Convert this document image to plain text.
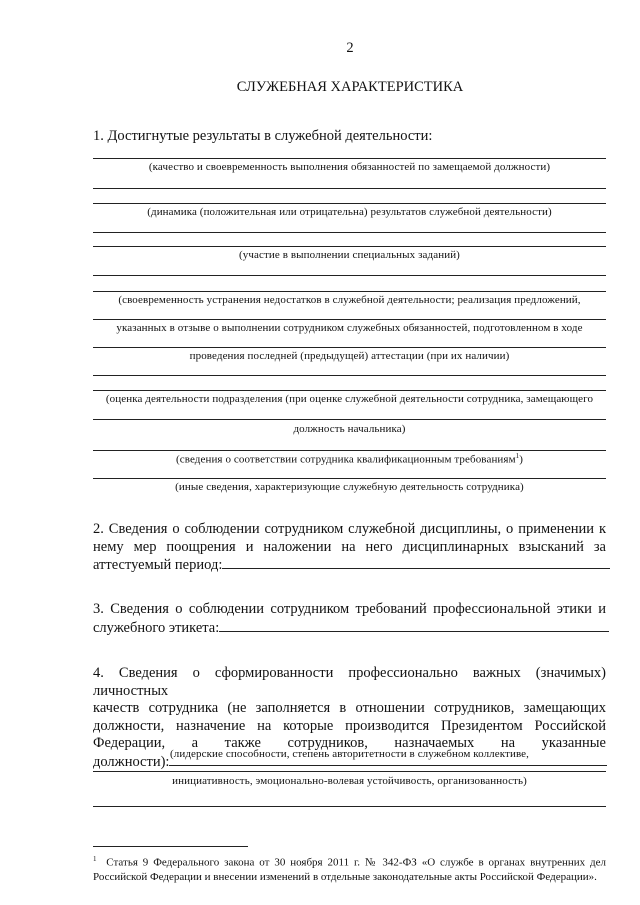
2
СЛУЖЕБНАЯ ХАРАКТЕРИСТИКА
1. Достигнутые результаты в служебной деятельности:
(качество и своевременность выполнения обязанностей по замещаемой должности)
(динамика (положительная или отрицательна) результатов служебной деятельности)
(участие в выполнении специальных заданий)
(своевременность устранения недостатков в служебной деятельности; реализация предложений,
указанных в отзыве о выполнении сотрудником служебных обязанностей, подготовленном в ходе
проведения последней (предыдущей) аттестации (при их наличии)
(оценка деятельности подразделения (при оценке служебной деятельности сотрудника, замещающего
должность начальника)
(сведения о соответствии сотрудника квалификационным требованиям$^1$)
(иные сведения, характеризующие служебную деятельность сотрудника)
2. Сведения о соблюдении сотрудником служебной дисциплины, о применении к
нему мер поощрения и наложении на него дисциплинарных взысканий за
аттестуемый период:
3. Сведения о соблюдении сотрудником требований профессиональной этики и
служебного этикета:
4. Сведения о сформированности профессионально важных (значимых) личностных
качеств сотрудника (не заполняется в отношении сотрудников, замещающих
должности, назначение на которые производится Президентом Российской
Федерации, а также сотрудников, назначаемых на указанные
должности): (лидерские способности, степень авторитетности в служебном коллективе,
инициативность, эмоционально-волевая устойчивость, организованность)
$^1$ Статья 9 Федерального закона от 30 ноября 2011 г. № 342-ФЗ «О службе в органах внутренних дел
Российской Федерации и внесении изменений в отдельные законодательные акты Российской Федерации».
